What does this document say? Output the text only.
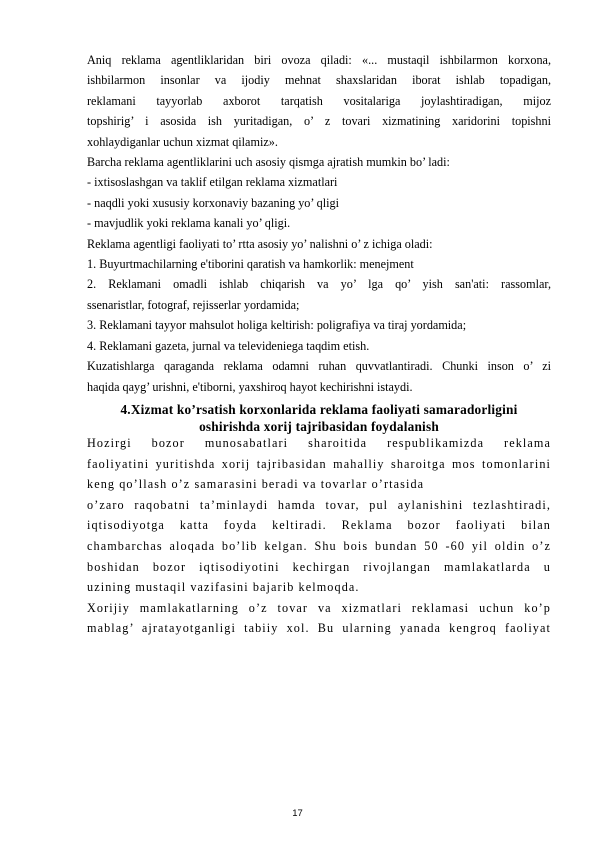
Aniq reklama agentliklaridan biri ovoza qiladi: «... mustaqil ishbilarmon korxona,
ishbilarmon insonlar va ijodiy mehnat shaxslaridan iborat ishlab topadigan,
reklamani tayyorlab axborot tarqatish vositalariga joylashtiradigan, mijoz
topshirig’ i asosida ish yuritadigan, o’ z tovari xizmatining xaridorini topishni
xohlaydiganlar uchun xizmat qilamiz».
Barcha reklama agentliklarini uch asosiy qismga ajratish mumkin bo’ ladi:
- ixtisoslashgan va taklif etilgan reklama xizmatlari
- naqdli yoki xususiy korxonaviy bazaning yo’ qligi
- mavjudlik yoki reklama kanali yo’ qligi.
Reklama agentligi faoliyati to’ rtta asosiy yo’ nalishni o’ z ichiga oladi:
1. Buyurtmachilarning e'tiborini qaratish va hamkorlik: menejment
2. Reklamani omadli ishlab chiqarish va yo’ lga qo’ yish san'ati: rassomlar,
ssenaristlar, fotograf, rejisserlar yordamida;
3. Reklamani tayyor mahsulot holiga keltirish: poligrafiya va tiraj yordamida;
4. Reklamani gazeta, jurnal va televideniega taqdim etish.
Kuzatishlarga qaraganda reklama odamni ruhan quvvatlantiradi. Chunki inson o’ zi
haqida qayg’ urishni, e'tiborni, yaxshiroq hayot kechirishni istaydi.
4.Xizmat ko’rsatish korxonlarida reklama faoliyati samaradorligini
oshirishda xorij tajribasidan foydalanish
Hozirgi bozor munosabatlari sharoitida respublikamizda reklama
faoliyatini yuritishda xorij tajribasidan mahalliy sharoitga mos tomonlarini
keng qo’llash o’z samarasini beradi va tovarlar o’rtasida
o’zaro raqobatni ta’minlaydi hamda tovar, pul aylanishini tezlashtiradi,
iqtisodiyotga katta foyda keltiradi. Reklama bozor faoliyati bilan
chambarchas aloqada bo’lib kelgan. Shu bois bundan 50 -60 yil oldin o’z
boshidan bozor iqtisodiyotini kechirgan rivojlangan mamlakatlarda u
uzining mustaqil vazifasini bajarib kelmoqda.
Xorijiy mamlakatlarning o’z tovar va xizmatlari reklamasi uchun ko’p
mablag’ ajratayotganligi tabiiy xol. Bu ularning yanada kengroq faoliyat
17
